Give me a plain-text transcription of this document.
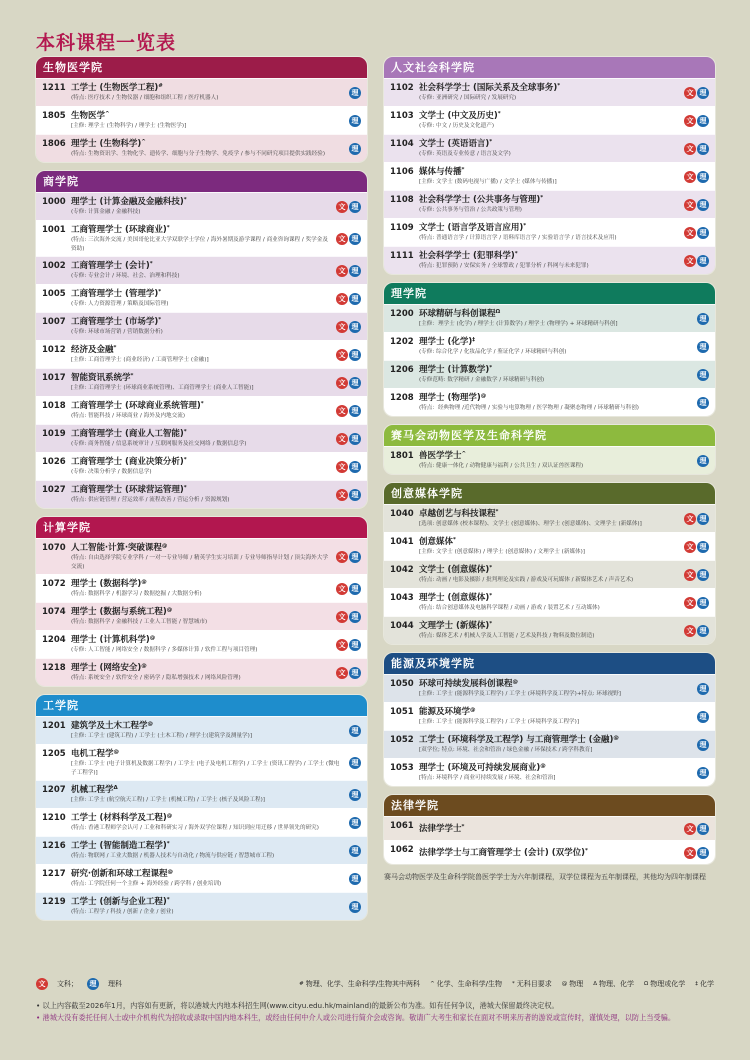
本科课程一览表
生物医学院
1211 工学士 (生物医学工程)#
(特点: 医疗技术 / 生物仪器 / 细胞和组织工程 / 医疗机器人)
理
1805 生物医学^
[主修: 理学士 (生物科学) / 理学士 (生物医学)]
理
1806 理学士 (生物科学)^
(特点: 生物资讯学、生物化学、遗传学、细胞与分子生物学、免疫学 / 参与不同研究项目提供实践经验)
理
商学院
1000 理学士 (计算金融及金融科技)*
(专修: 计算金融 / 金融科技)
文 理
1001 工商管理学士 (环球商业)*
(特点: 三次海外交流 / 美国哥伦比亚大学双联学士学位 / 海外暑期及游学课程 / 商业咨询课程 / 奖学金及资助)
文 理
1002 工商管理学士 (会计)*
(专修: 专业会计 / 环境、社会、治理和科技)
文 理
1005 工商管理学士 (管理学)*
(专修: 人力资源管理 / 策略及国际管理)
文 理
1007 工商管理学士 (市场学)*
(专修: 环球市场营销 / 营销数据分析)
文 理
1012 经济及金融*
[主修: 工商管理学士 (商业经济) / 工商管理学士 (金融)]
文 理
1017 智能资讯系统学*
[主修: 工商管理学士 (环球商业系统管理)、工商管理学士 (商业人工智能)]
文 理
1018 工商管理学士 (环球商业系统管理)*
(特点: 智能科技 / 环球商业 / 海外及内地交流)
文 理
1019 工商管理学士 (商业人工智能)*
(专修: 商务智能 / 信息系统审计 / 互联网服务及社交网络 / 数据信息学)
文 理
1026 工商管理学士 (商业决策分析)*
(专修: 决策分析学 / 数据信息学)
文 理
1027 工商管理学士 (环球营运管理)*
(特点: 供应链管理 / 营运效率 / 流程改善 / 营运分析 / 资源规划)
文 理
计算学院
1070 人工智能‧计算‧突破课程@
(特点: 自由选择学院专业学科 / 一对一专业导师 / 精英学生实习培训 / 专业导师指导计划 / 顶尖海外大学交流)
文 理
1072 理学士 (数据科学)@
(特点: 数据科学 / 机器学习 / 数据挖掘 / 大数据分析)
文 理
1074 理学士 (数据与系统工程)@
(特点: 数据科学 / 金融科技 / 工业人工智能 / 智慧城市)
文 理
1204 理学士 (计算机科学)@
(专修: 人工智能 / 网络安全 / 数据科学 / 多媒体计算 / 软件工程与项目管理)
文 理
1218 理学士 (网络安全)@
(特点: 系统安全 / 软件安全 / 密码学 / 隐私增强技术 / 网络风险管理)
文 理
工学院
1201 建筑学及土木工程学@
[主修: 工学士 (建筑工程) / 工学士 (土木工程) / 理学士(建筑学及测量学)]
理
1205 电机工程学@
[主修: 工学士 (电子计算机及数据工程学) / 工学士 (电子及电机工程学) / 工学士 (资讯工程学) / 工学士 (微电子工程学)]
理
1207 机械工程学$^\Delta$
[主修: 工学士 (航空航天工程) / 工学士 (机械工程) / 工学士 (核子及风险工程)]
理
1210 工学士 (材料科学及工程)@
(特点: 香港工程师学会认可 / 工业和科研实习 / 海外双学位课程 / 知识到应用迁移 / 世界领先的研究)
理
1216 工学士 (智能制造工程学)*
(特点: 物联网 / 工业大数据 / 机器人技术与自动化 / 物流与供应链 / 智慧城市工程)
理
1217 研究‧创新和环球工程课程@
(特点: 工学院任何一个主修 + 海外经验 / 跨学科 / 创业培训)
理
1219 工学士 (创新与企业工程)*
(特点: 工程学 / 科技 / 创新 / 企业 / 创业)
理
人文社会科学院
1102 社会科学学士 (国际关系及全球事务)*
(专修: 亚洲研究 / 国际研究 / 发展研究)
文 理
1103 文学士 (中文及历史)*
(专修: 中文 / 历史及文化遗产)
文 理
1104 文学士 (英语语言)*
(专修: 英语及专业传意 / 语言及文学)
文 理
1106 媒体与传播*
[主修: 文学士 (数码电视与广播) / 文学士 (媒体与传播)]
文 理
1108 社会科学学士 (公共事务与管理)*
(专修: 公共事务与管治 / 公共政策与管理)
文 理
1109 文学士 (语言学及语言应用)*
(特点: 普通语言学 / 计算语言学 / 语料库语言学 / 实验语言学 / 语言技术及应用)
文 理
1111 社会科学学士 (犯罪科学)*
(特点: 犯罪预防 / 安保实务 / 全球警政 / 犯罪分析 / 科网与未来犯罪)
文 理
理学院
1200 环球精研与科创课程$^\Omega$
[主修：理学士 (化学) / 理学士 (计算数学) / 理学士 (物理学) + 环球精研与科创]
理
1202 理学士 (化学)‡
(专修: 综合化学 / 化妆品化学 / 鉴证化学 / 环球精研与科创)
理
1206 理学士 (计算数学)*
(专修范畴: 数学精研 / 金融数学 / 环球精研与科创)
理
1208 理学士 (物理学)@
(特点：经典物理 /近代物理 / 实验与电算物理 / 医学物理 / 凝聚态物理 / 环球精研与科创)
理
赛马会动物医学及生命科学院
1801 兽医学学士^
(特点: 健康一体化 / 动物健康与福利 / 公共卫生 / 双认证兽医课程)
理
创意媒体学院
1040 卓越创艺与科技课程*
[选项: 创意媒体 (校本课程)、文学士 (创意媒体)、理学士 (创意媒体)、文理学士 (新媒体)]
文 理
1041 创意媒体*
[主修: 文学士 (创意媒体) / 理学士 (创意媒体) / 文理学士 (新媒体)]
文 理
1042 文学士 (创意媒体)*
(特点: 动画 / 电影及摄影 / 批判理论及实践 / 游戏及可玩媒体 / 新媒体艺术 / 声音艺术)
文 理
1043 理学士 (创意媒体)*
(特点: 结合创意媒体及电脑科学课程 / 动画 / 游戏 / 装置艺术 / 互动媒体)
文 理
1044 文理学士 (新媒体)*
(特点: 媒体艺术 / 机械人学及人工智能 / 艺术及科技 / 物料及数位制造)
文 理
能源及环境学院
1050 环球可持续发展科创课程@
[主修: 工学士 (能源科学及工程学) / 工学士 (环境科学及工程学)+特点: 环球视野]
理
1051 能源及环境学@
[主修: 工学士 (能源科学及工程学) / 工学士 (环境科学及工程学)]
理
1052 工学士 (环境科学及工程学) 与工商管理学士 (金融)@
[双学位; 特点: 环境、社会和管治 / 绿色金融 / 环保技术 / 跨学科教育]
理
1053 理学士 (环境及可持续发展商业)@
[特点: 环境科学 / 商业可持续发展 / 环境、社会和管治]
理
法律学院
1061 法律学学士*	文 理
1062 法律学学士与工商管理学士 (会计) (双学位)*	文 理
赛马会动物医学及生命科学院兽医学学士为六年制课程，双学位课程为五年制课程，其他均为四年制课程
文	文科；	理	理科	# 物理、化学、生命科学/生物其中两科 ^ 化学、生命科学/生物 * 无科目要求 @ 物理 Δ 物理、化学 Ω 物理或化学 ‡ 化学
• 以上内容截至2026年1月，内容如有更新，将以港城大内地本科招生网(www.cityu.edu.hk/mainland)的最新公布为准。如有任何争议，港城大保留最终决定权。
• 港城大没有委托任何人士或中介机构代为招收或录取中国内地本科生，或经由任何中介人或公司进行简介会或咨询。敬请广大考生和家长在面对不明来历者的游说或宣传时，谨慎处理，以防上当受骗。
